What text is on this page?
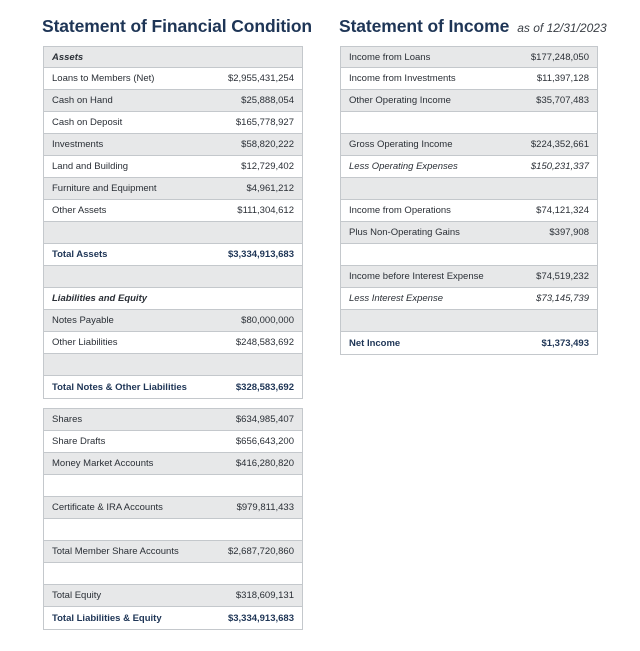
Statement of Financial Condition Statement of Income as of 12/31/2023
Assets
Loans to Members (Net)	$2,955,431,254
Cash on Hand	$25,888,054
Cash on Deposit	$165,778,927
Investments	$58,820,222
Land and Building	$12,729,402
Furniture and Equipment	$4,961,212
Other Assets	$111,304,612
Total Assets	$3,334,913,683
Liabilities and Equity
Notes Payable	$80,000,000
Other Liabilities	$248,583,692
Total Notes & Other Liabilities	$328,583,692
Shares	$634,985,407
Share Drafts	$656,643,200
Money Market Accounts	$416,280,820
Certificate & IRA Accounts	$979,811,433
Total Member Share Accounts	$2,687,720,860
Total Equity	$318,609,131
Total Liabilities & Equity	$3,334,913,683
Income from Loans	$177,248,050
Income from Investments	$11,397,128
Other Operating Income	$35,707,483
Gross Operating Income	$224,352,661
Less Operating Expenses	$150,231,337
Income from Operations	$74,121,324
Plus Non-Operating Gains	$397,908
Income before Interest Expense	$74,519,232
Less Interest Expense	$73,145,739
Net Income	$1,373,493
